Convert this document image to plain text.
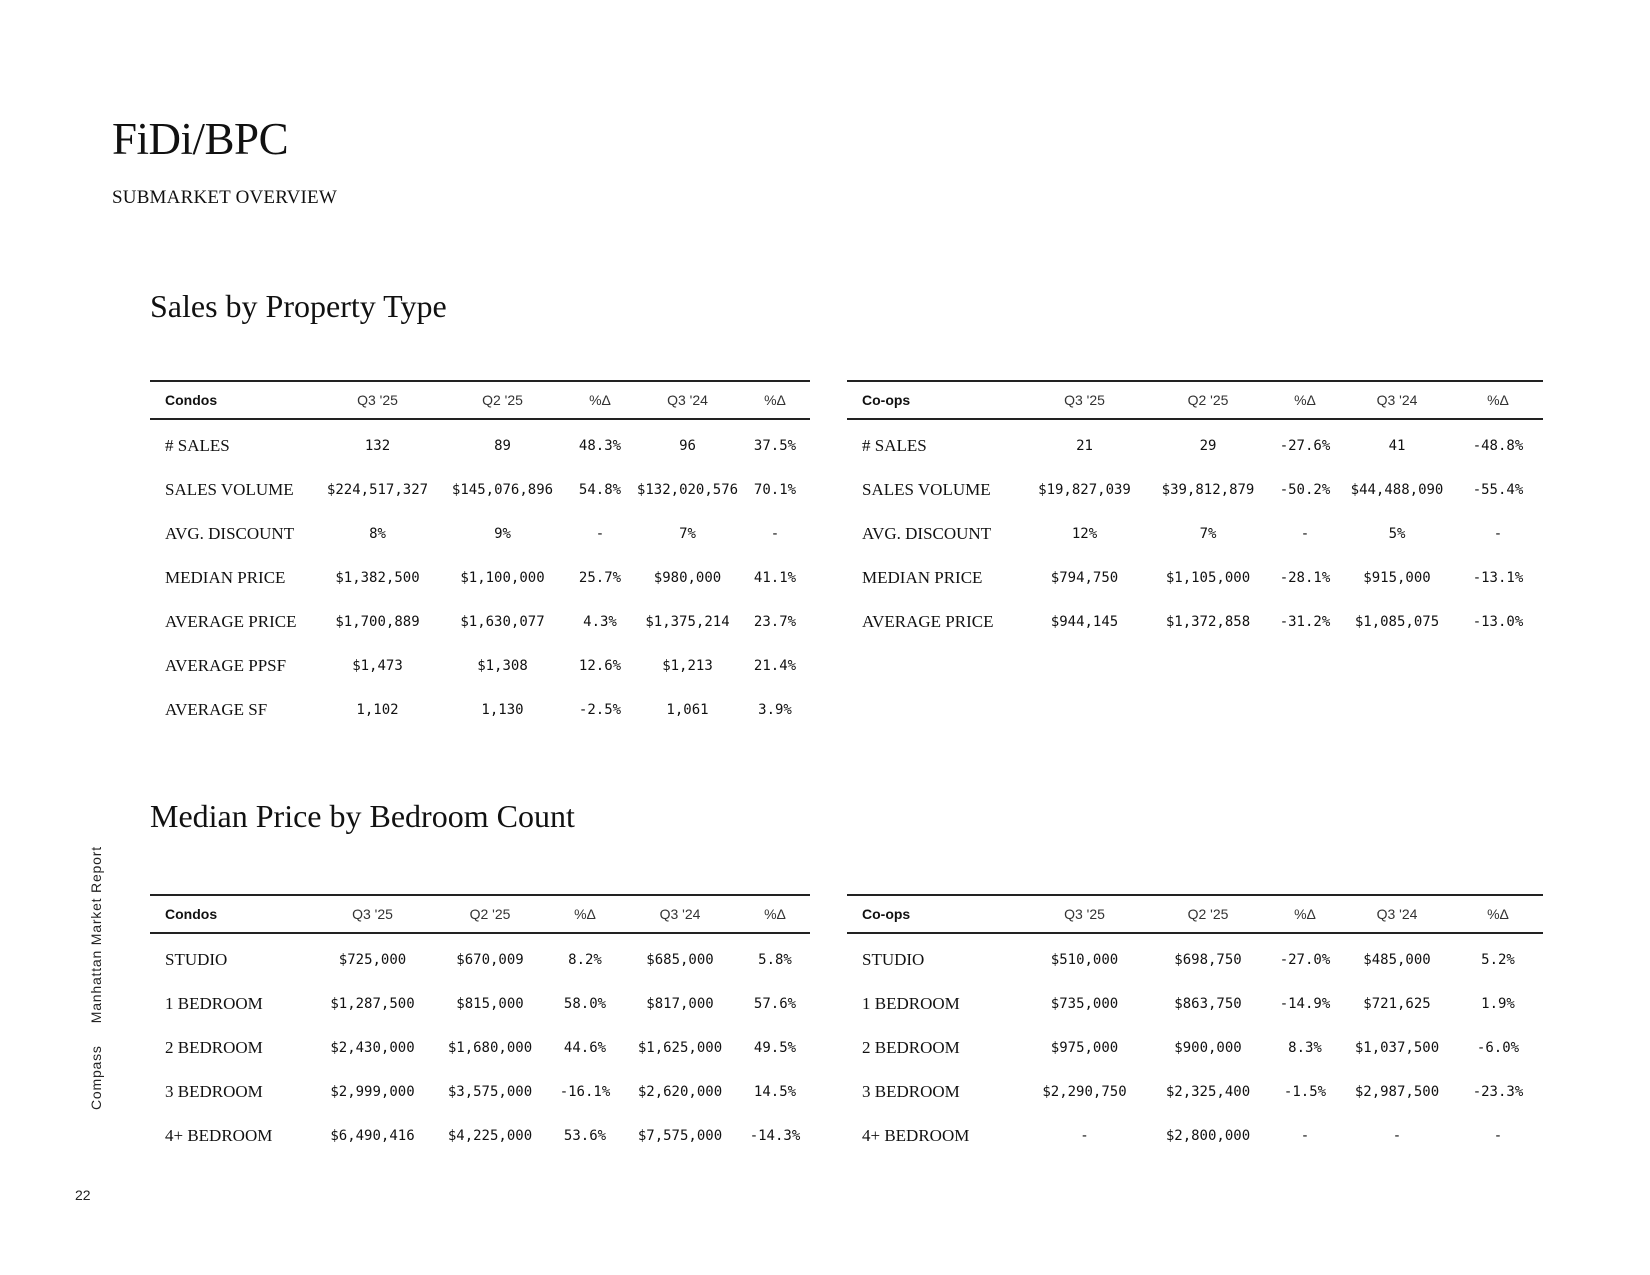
FiDi/BPC
SUBMARKET OVERVIEW
Sales by Property Type
Condos	Q3 '25	Q2 '25	%Δ	Q3 '24	%Δ
# SALES	132	89	48.3%	96	37.5%
SALES VOLUME	$224,517,327	$145,076,896	54.8%	$132,020,576	70.1%
AVG. DISCOUNT	8%	9%	-	7%	-
MEDIAN PRICE	$1,382,500	$1,100,000	25.7%	$980,000	41.1%
AVERAGE PRICE	$1,700,889	$1,630,077	4.3%	$1,375,214	23.7%
AVERAGE PPSF	$1,473	$1,308	12.6%	$1,213	21.4%
AVERAGE SF	1,102	1,130	-2.5%	1,061	3.9%
Co-ops	Q3 '25	Q2 '25	%Δ	Q3 '24	%Δ
# SALES	21	29	-27.6%	41	-48.8%
SALES VOLUME	$19,827,039	$39,812,879	-50.2%	$44,488,090	-55.4%
AVG. DISCOUNT	12%	7%	-	5%	-
MEDIAN PRICE	$794,750	$1,105,000	-28.1%	$915,000	-13.1%
AVERAGE PRICE	$944,145	$1,372,858	-31.2%	$1,085,075	-13.0%
Median Price by Bedroom Count
Condos	Q3 '25	Q2 '25	%Δ	Q3 '24	%Δ
STUDIO	$725,000	$670,009	8.2%	$685,000	5.8%
1 BEDROOM	$1,287,500	$815,000	58.0%	$817,000	57.6%
2 BEDROOM	$2,430,000	$1,680,000	44.6%	$1,625,000	49.5%
3 BEDROOM	$2,999,000	$3,575,000	-16.1%	$2,620,000	14.5%
4+ BEDROOM	$6,490,416	$4,225,000	53.6%	$7,575,000	-14.3%
Co-ops	Q3 '25	Q2 '25	%Δ	Q3 '24	%Δ
STUDIO	$510,000	$698,750	-27.0%	$485,000	5.2%
1 BEDROOM	$735,000	$863,750	-14.9%	$721,625	1.9%
2 BEDROOM	$975,000	$900,000	8.3%	$1,037,500	-6.0%
3 BEDROOM	$2,290,750	$2,325,400	-1.5%	$2,987,500	-23.3%
4+ BEDROOM	-	$2,800,000	-	-	-
CompassManhattan Market Report
22
